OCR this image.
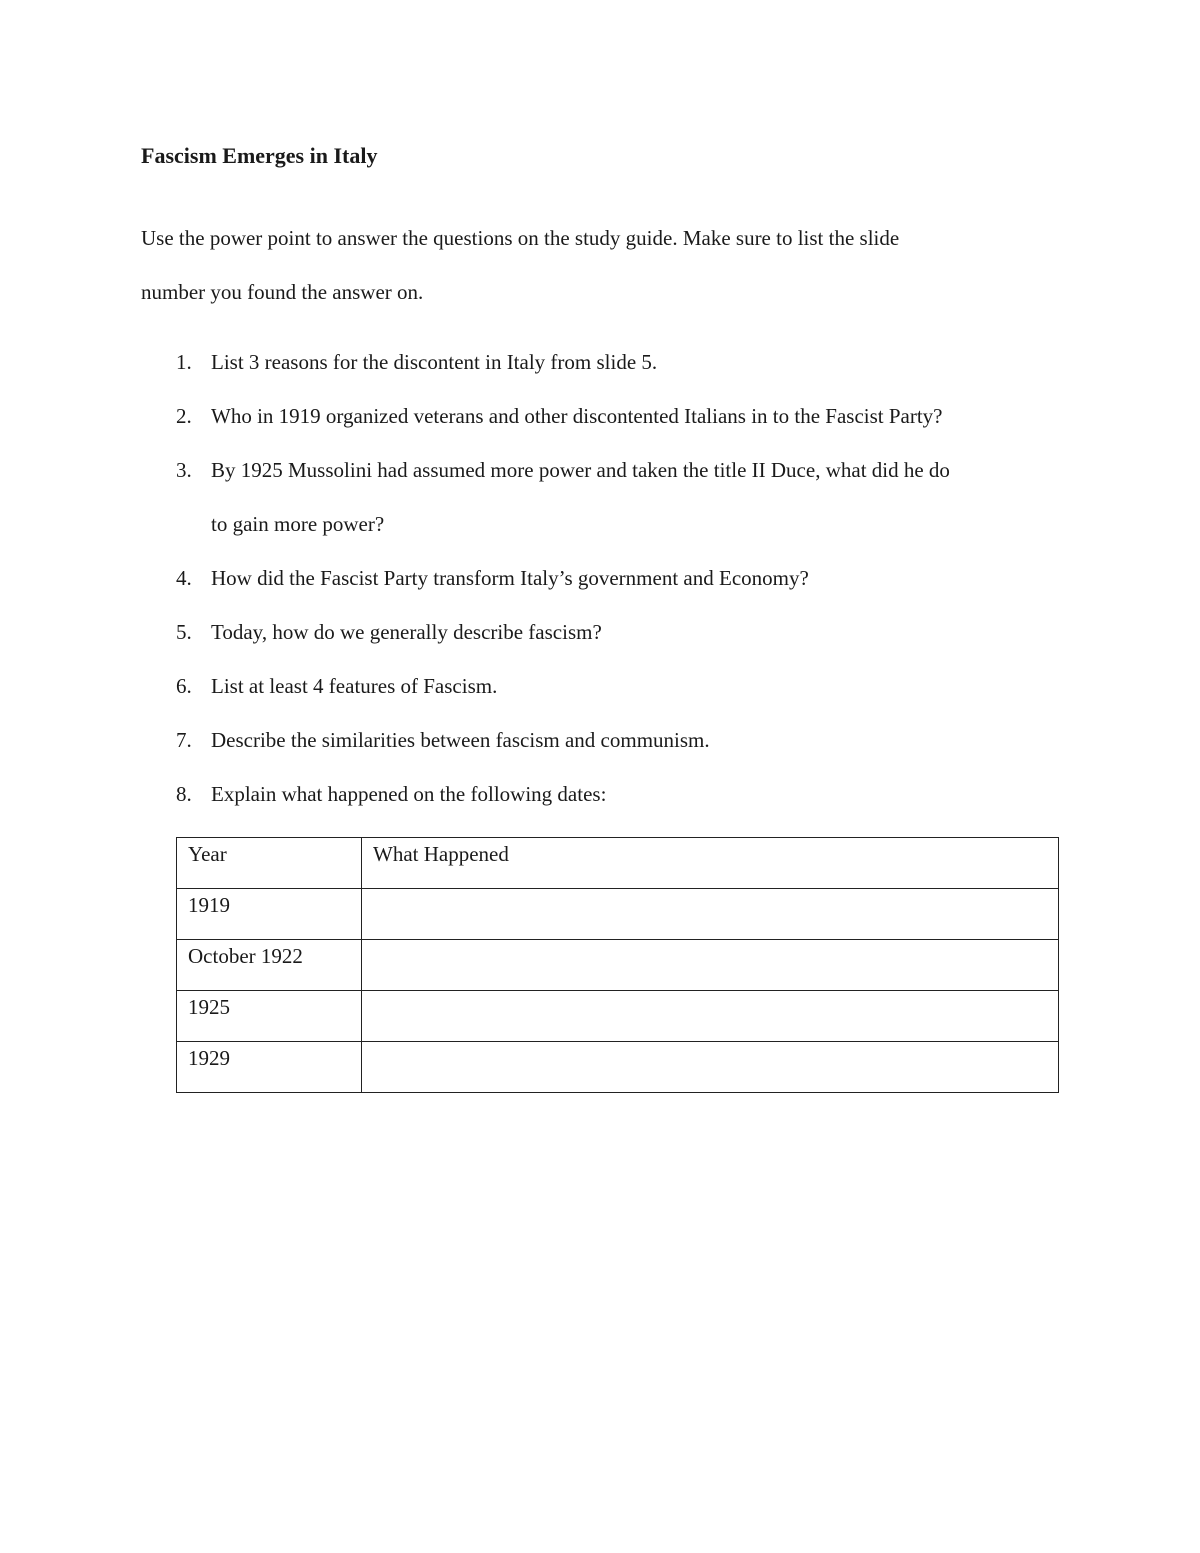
Fascism Emerges in Italy
Use the power point to answer the questions on the study guide. Make sure to list the slide
number you found the answer on.
1. List 3 reasons for the discontent in Italy from slide 5.
2. Who in 1919 organized veterans and other discontented Italians in to the Fascist Party?
3. By 1925 Mussolini had assumed more power and taken the title II Duce, what did he do
to gain more power?
4. How did the Fascist Party transform Italy’s government and Economy?
5. Today, how do we generally describe fascism?
6. List at least 4 features of Fascism.
7. Describe the similarities between fascism and communism.
8. Explain what happened on the following dates:
Year	What Happened
1919	
October 1922	
1925	
1929	
